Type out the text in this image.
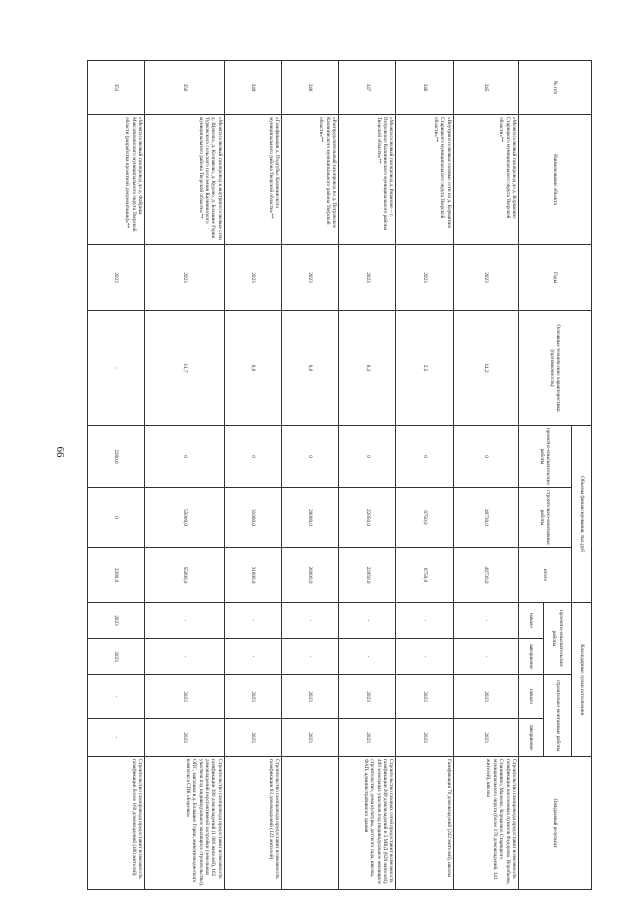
66
№ п/п	Наименование объекта	Годы	Основные технические характеристики (протяженность)	Объемы финансирования, тыс.руб			Календарные сроки исполнения				Ожидаемый результат
				проектно-изыскательские работы	строительно-монтажные работы	итого	проектно-изыскательские работы		строительно-монтажные работы		
							начало	завершение	начало	завершение	
345	«Межпоселковый газопровод до д. Корчагино Старицкого муниципального округа Тверской области»**	2023	14,2	0	49730,0	49730,0	-	-	2023	2023	Строительство газопровода предоставит возможность газификации населенных пунктов Федорово, Воробьево, Станишино, Малеево, Корчагино Старицкого муниципального округа (более 170 домовладений, 341 жителей), школы
346	«Внутрипоселковые газовые сети по д. Корчагино Старицкого муниципального округа Тверской области»**	2023	2,5	0	8750,0	8750,0	-	-	2023	2023	Газификация 70 домовладений (242 жителей), школы
347	«Межпоселковый газопровод д. Рязаново – с. Петровское Калининского муниципального района Тверской области»**	2023	6,3	0	22050,0	22050,0	-	-	2023	2023	Строительство газовых сетей предоставит возможность газификации 209 домовладений и 3 МКД (628 жителей), 400 земельных участков под индивидуальное жилищное строительство, дома культуры, детского сада, школы, ФАП, административного здания
348	«Распределительный газопровод по д. Петровское Калининского муниципального района Тверской области»**	2023	8,0	0	28000,0	28000,0	-	-	2023	2023	
349	«Газификация д. Подгубье Калининского муниципального района Тверской области»**	2023	6,0	0	31000,0	31000,0	-	-	2023	2023	Строительство газопровода предоставит возможность газификации 83 домовладений (122 жителей)
350	«Межпоселковый газопровод и внутрипоселковые сети д. Щеколье, д. Колпаково, д. Курово, д. Большие Горки Турковского сельского поселения Калининского муниципального района Тверской области»**	2023	11,7	0	55000,0	55000,0	-	-	2023	2023	Строительство газопровода предоставит возможность газификации 390 домовладений (1 000 жителей), 162 домовладений перспективной застройки (земельных участков под индивидуальное жилищное строительство), ОПС, магазина в д. Большие Горки, животноводческого комплекса СПК «Березка»
351	«Межпоселковый газопровод до д. Фабрика Максатихинского муниципального округа Тверской области (разработка проектной документации)»**	2023	-	2280,0	0	2280,0	2023	2023	-	-	Строительство газопровода предоставит возможность газификации более 160 домовладений (400 жителей)
